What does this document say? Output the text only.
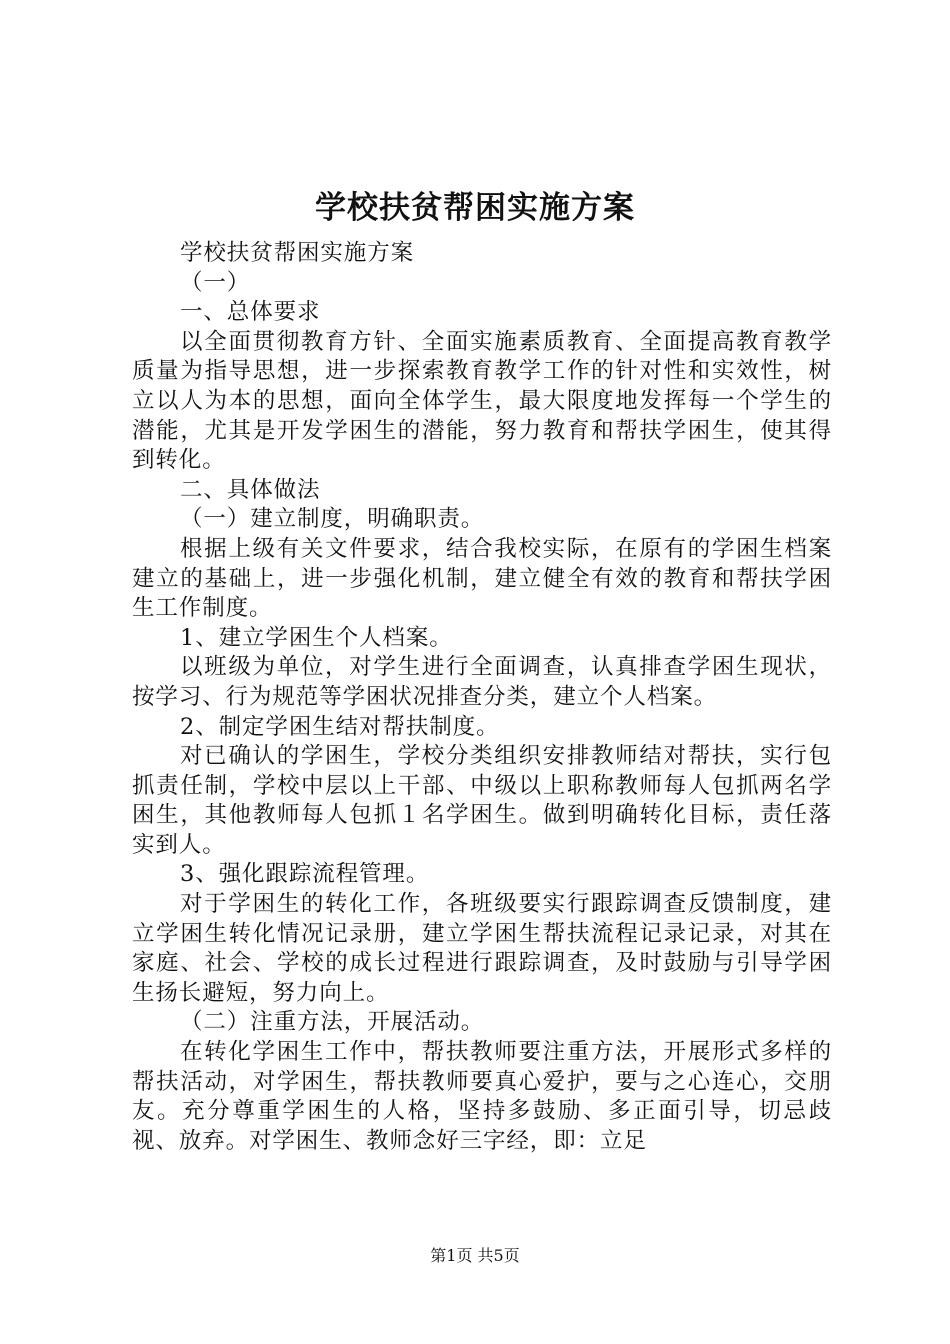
学校扶贫帮困实施方案

学校扶贫帮困实施方案

（一）

一、总体要求

以全面贯彻教育方针、全面实施素质教育、全面提高教育教学质量为指导思想，进一步探索教育教学工作的针对性和实效性，树立以人为本的思想，面向全体学生，最大限度地发挥每一个学生的潜能，尤其是开发学困生的潜能，努力教育和帮扶学困生，使其得到转化。

二、具体做法

（一）建立制度，明确职责。

根据上级有关文件要求，结合我校实际，在原有的学困生档案建立的基础上，进一步强化机制，建立健全有效的教育和帮扶学困生工作制度。

1、建立学困生个人档案。

以班级为单位，对学生进行全面调查，认真排查学困生现状，按学习、行为规范等学困状况排查分类，建立个人档案。

2、制定学困生结对帮扶制度。

对已确认的学困生，学校分类组织安排教师结对帮扶，实行包抓责任制，学校中层以上干部、中级以上职称教师每人包抓两名学困生，其他教师每人包抓１名学困生。做到明确转化目标，责任落实到人。

3、强化跟踪流程管理。

对于学困生的转化工作，各班级要实行跟踪调查反馈制度，建立学困生转化情况记录册，建立学困生帮扶流程记录记录，对其在家庭、社会、学校的成长过程进行跟踪调查，及时鼓励与引导学困生扬长避短，努力向上。

（二）注重方法，开展活动。

在转化学困生工作中，帮扶教师要注重方法，开展形式多样的帮扶活动，对学困生，帮扶教师要真心爱护，要与之心连心，交朋友。充分尊重学困生的人格，坚持多鼓励、多正面引导，切忌歧视、放弃。对学困生、教师念好三字经，即：立足

第1页 共5页
